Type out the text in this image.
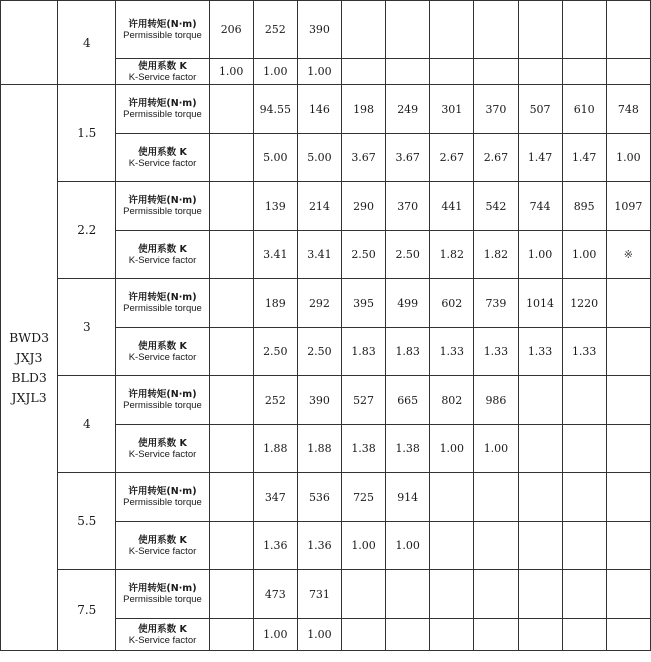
	4	许用转矩(N·m)
Permissible torque	206	252	390							

		使用系数 K
K-Service factor	1.00	1.00	1.00							

BWD3
JXJ3
BLD3
JXJL3	1.5	许用转矩(N·m)
Permissible torque		94.55	146	198	249	301	370	507	610	748

		使用系数 K
K-Service factor		5.00	5.00	3.67	3.67	2.67	2.67	1.47	1.47	1.00
	2.2	许用转矩(N·m)
Permissible torque		139	214	290	370	441	542	744	895	1097

		使用系数 K
K-Service factor		3.41	3.41	2.50	2.50	1.82	1.82	1.00	1.00	※
	3	许用转矩(N·m)
Permissible torque		189	292	395	499	602	739	1014	1220	

		使用系数 K
K-Service factor		2.50	2.50	1.83	1.83	1.33	1.33	1.33	1.33	
	4	许用转矩(N·m)
Permissible torque		252	390	527	665	802	986			

		使用系数 K
K-Service factor		1.88	1.88	1.38	1.38	1.00	1.00			
	5.5	许用转矩(N·m)
Permissible torque		347	536	725	914					

		使用系数 K
K-Service factor		1.36	1.36	1.00	1.00					
	7.5	许用转矩(N·m)
Permissible torque		473	731							

		使用系数 K
K-Service factor		1.00	1.00							
